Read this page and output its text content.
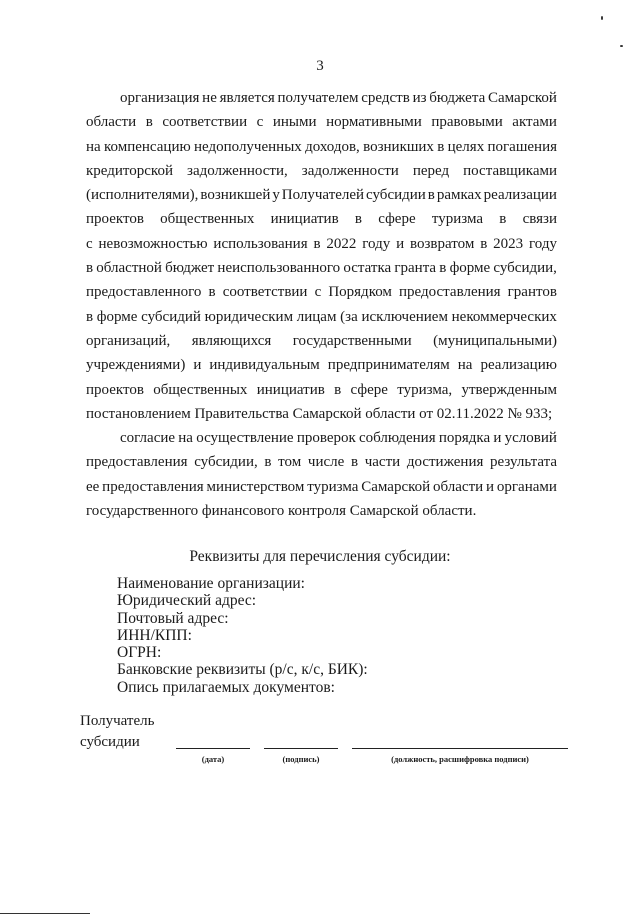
3
организация не является получателем средств из бюджета Самарской
области в соответствии с иными нормативными правовыми актами
на компенсацию недополученных доходов, возникших в целях погашения
кредиторской задолженности, задолженности перед поставщиками
(исполнителями), возникшей у Получателей субсидии в рамках реализации
проектов общественных инициатив в сфере туризма в связи
с невозможностью использования в 2022 году и возвратом в 2023 году
в областной бюджет неиспользованного остатка гранта в форме субсидии,
предоставленного в соответствии с Порядком предоставления грантов
в форме субсидий юридическим лицам (за исключением некоммерческих
организаций, являющихся государственными (муниципальными)
учреждениями) и индивидуальным предпринимателям на реализацию
проектов общественных инициатив в сфере туризма, утвержденным
постановлением Правительства Самарской области от 02.11.2022 № 933;
согласие на осуществление проверок соблюдения порядка и условий
предоставления субсидии, в том числе в части достижения результата
ее предоставления министерством туризма Самарской области и органами
государственного финансового контроля Самарской области.
Реквизиты для перечисления субсидии:
Наименование организации:
Юридический адрес:
Почтовый адрес:
ИНН/КПП:
ОГРН:
Банковские реквизиты (р/с, к/с, БИК):
Опись прилагаемых документов:
Получатель
субсидии
(дата)	(подпись)	(должность, расшифровка подписи)
